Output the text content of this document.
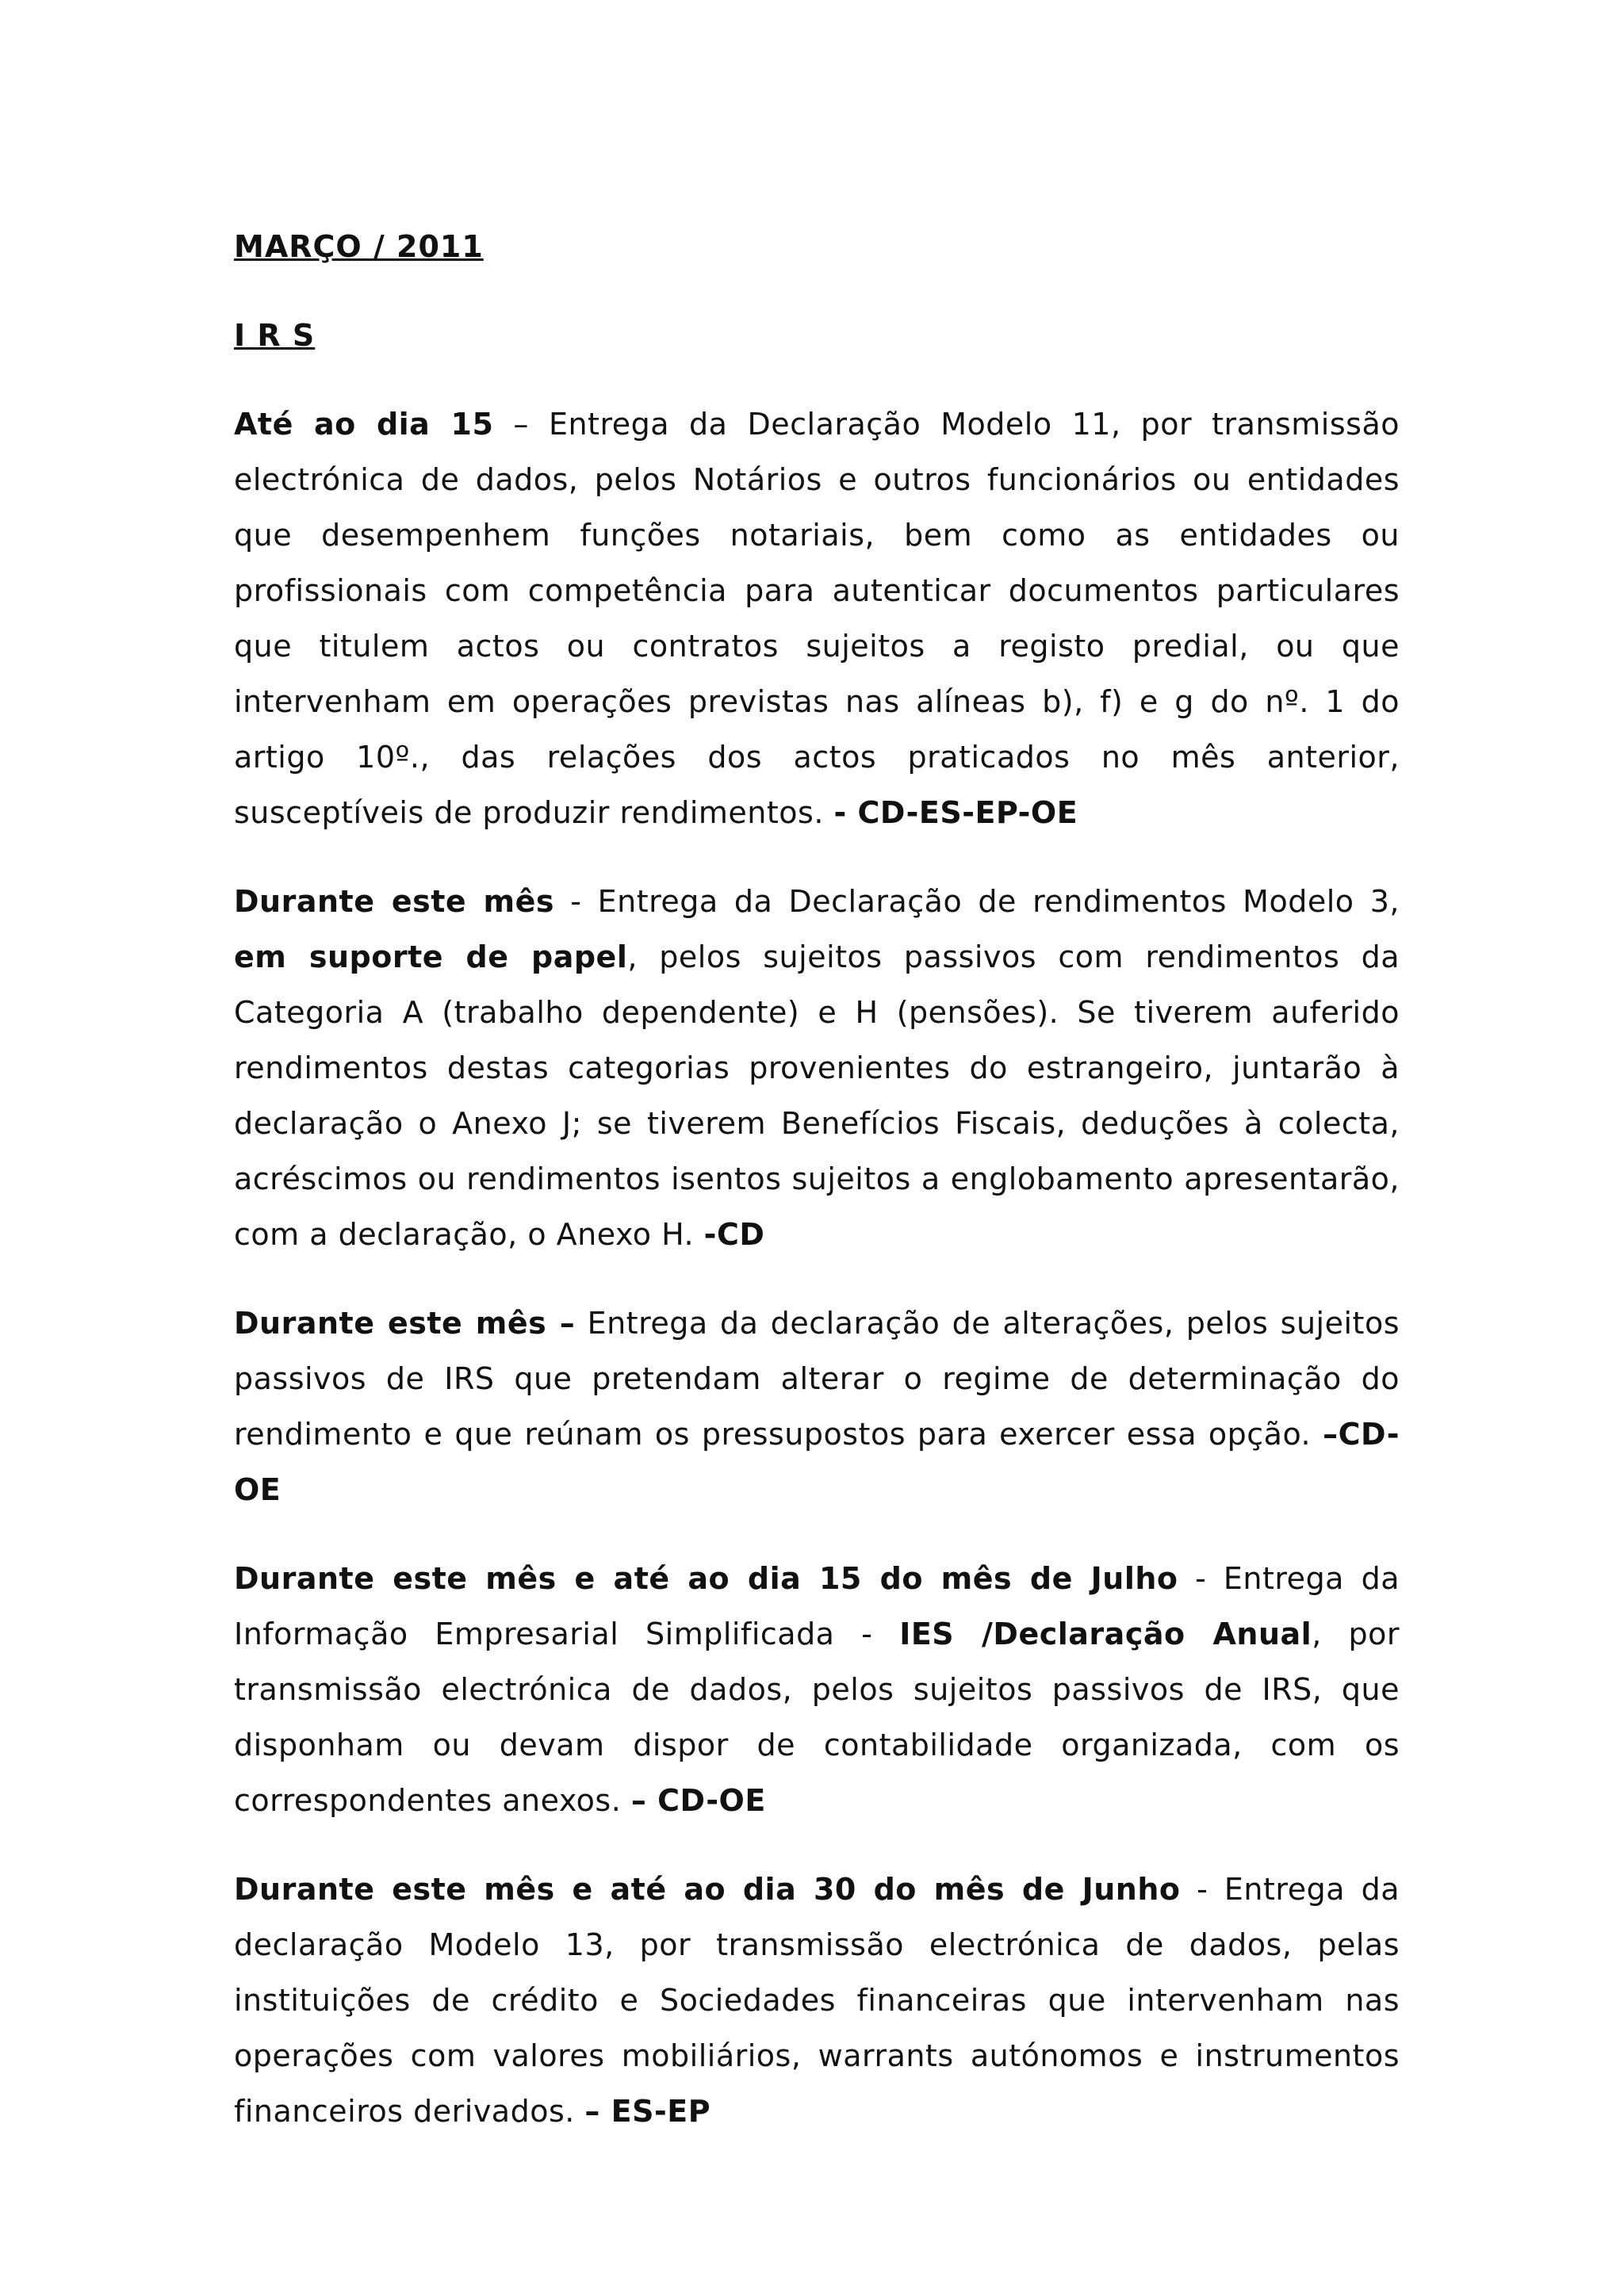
MARÇO / 2011
I R S

Até ao dia 15 – Entrega da Declaração Modelo 11, por transmissão electrónica de dados, pelos Notários e outros funcionários ou entidades que desempenhem funções notariais, bem como as entidades ou profissionais com competência para autenticar documentos particulares que titulem actos ou contratos sujeitos a registo predial, ou que intervenham em operações previstas nas alíneas b), f) e g do nº. 1 do artigo 10º., das relações dos actos praticados no mês anterior, susceptíveis de produzir rendimentos. - CD-ES-EP-OE

Durante este mês - Entrega da Declaração de rendimentos Modelo 3, em suporte de papel, pelos sujeitos passivos com rendimentos da Categoria A (trabalho dependente) e H (pensões). Se tiverem auferido rendimentos destas categorias provenientes do estrangeiro, juntarão à declaração o Anexo J; se tiverem Benefícios Fiscais, deduções à colecta, acréscimos ou rendimentos isentos sujeitos a englobamento apresentarão, com a declaração, o Anexo H. -CD

Durante este mês – Entrega da declaração de alterações, pelos sujeitos passivos de IRS que pretendam alterar o regime de determinação do rendimento e que reúnam os pressupostos para exercer essa opção. –CD-OE

Durante este mês e até ao dia 15 do mês de Julho - Entrega da Informação Empresarial Simplificada - IES /Declaração Anual, por transmissão electrónica de dados, pelos sujeitos passivos de IRS, que disponham ou devam dispor de contabilidade organizada, com os correspondentes anexos. – CD-OE

Durante este mês e até ao dia 30 do mês de Junho - Entrega da declaração Modelo 13, por transmissão electrónica de dados, pelas instituições de crédito e Sociedades financeiras que intervenham nas operações com valores mobiliários, warrants autónomos e instrumentos financeiros derivados. – ES-EP
